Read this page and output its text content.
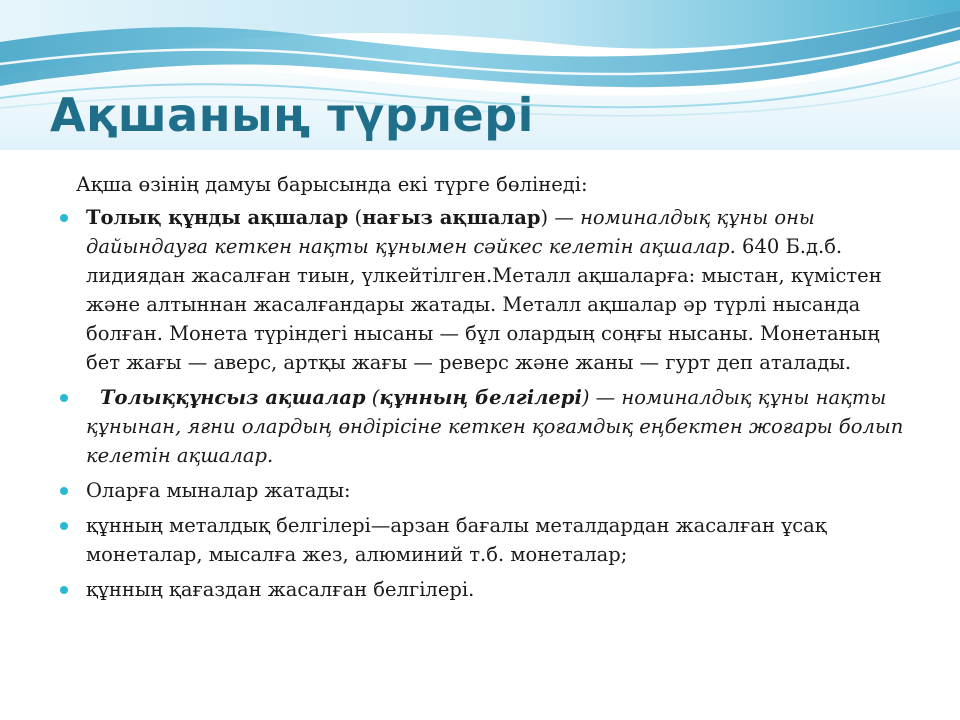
Ақшаның түрлері

Ақша өзінің дамуы барысында екі түрге бөлінеді:

Толық құнды ақшалар (нағыз ақшалар) — номиналдық құны оны дайындауға кеткен нақты құнымен сәйкес келетін ақшалар. 640 Б.д.б. лидиядан жасалған тиын, үлкейтілген.Металл ақшаларға: мыстан, күмістен және алтыннан жасалғандары жатады. Металл ақшалар әр түрлі нысанда болған. Монета түріндегі нысаны — бұл олардың соңғы нысаны. Монетаның бет жағы — аверс, артқы жағы — реверс және жаны — гурт деп аталады.
Толыққұнсыз ақшалар (құнның белгілері) — номиналдық құны нақты құнынан, яғни олардың өндірісіне кеткен қоғамдық еңбектен жоғары болып келетін ақшалар.
Оларға мыналар жатады:
құнның металдық белгілері—арзан бағалы металдардан жасалған ұсақ монеталар, мысалға жез, алюминий т.б. монеталар;
құнның қағаздан жасалған белгілері.
